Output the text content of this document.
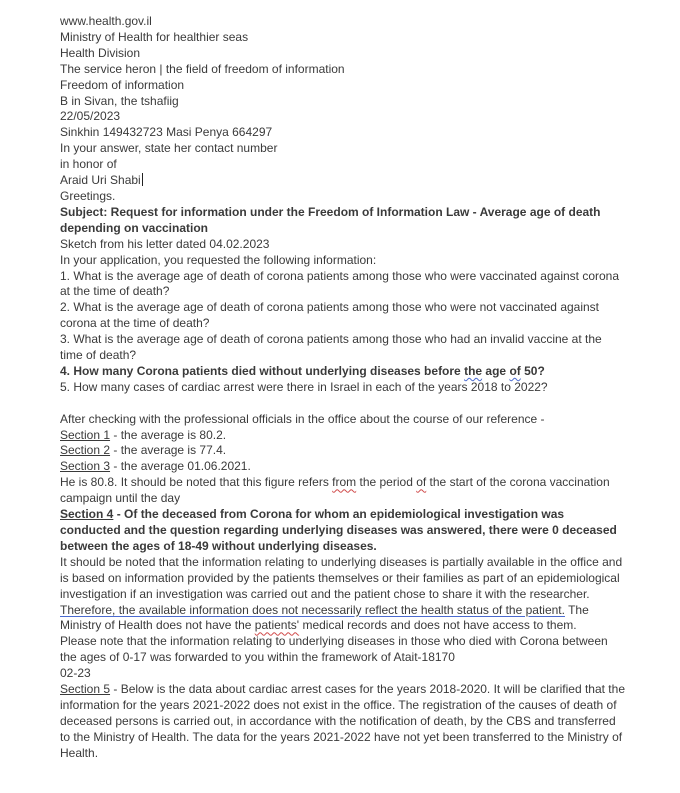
www.health.gov.il

Ministry of Health for healthier seas

Health Division

The service heron | the field of freedom of information

Freedom of information

B in Sivan, the tshafiig

22/05/2023

Sinkhin 149432723 Masi Penya 664297

In your answer, state her contact number

in honor of

Araid Uri Shabi

Greetings.

Subject: Request for information under the Freedom of Information Law - Average age of death depending on vaccination

Sketch from his letter dated 04.02.2023

In your application, you requested the following information:

1. What is the average age of death of corona patients among those who were vaccinated against corona at the time of death?

2. What is the average age of death of corona patients among those who were not vaccinated against corona at the time of death?

3. What is the average age of death of corona patients among those who had an invalid vaccine at the time of death?

4. How many Corona patients died without underlying diseases before the age of 50?

5. How many cases of cardiac arrest were there in Israel in each of the years 2018 to 2022?

After checking with the professional officials in the office about the course of our reference -

Section 1 - the average is 80.2.

Section 2 - the average is 77.4.

Section 3 - the average 01.06.2021.

He is 80.8. It should be noted that this figure refers from the period of the start of the corona vaccination campaign until the day

Section 4 - Of the deceased from Corona for whom an epidemiological investigation was conducted and the question regarding underlying diseases was answered, there were 0 deceased between the ages of 18-49 without underlying diseases.

It should be noted that the information relating to underlying diseases is partially available in the office and is based on information provided by the patients themselves or their families as part of an epidemiological investigation if an investigation was carried out and the patient chose to share it with the researcher. Therefore, the available information does not necessarily reflect the health status of the patient. The Ministry of Health does not have the patients' medical records and does not have access to them.

Please note that the information relating to underlying diseases in those who died with Corona between the ages of 0-17 was forwarded to you within the framework of Atait-18170

02-23

Section 5 - Below is the data about cardiac arrest cases for the years 2018-2020. It will be clarified that the information for the years 2021-2022 does not exist in the office. The registration of the causes of death of deceased persons is carried out, in accordance with the notification of death, by the CBS and transferred to the Ministry of Health. The data for the years 2021-2022 have not yet been transferred to the Ministry of Health.
